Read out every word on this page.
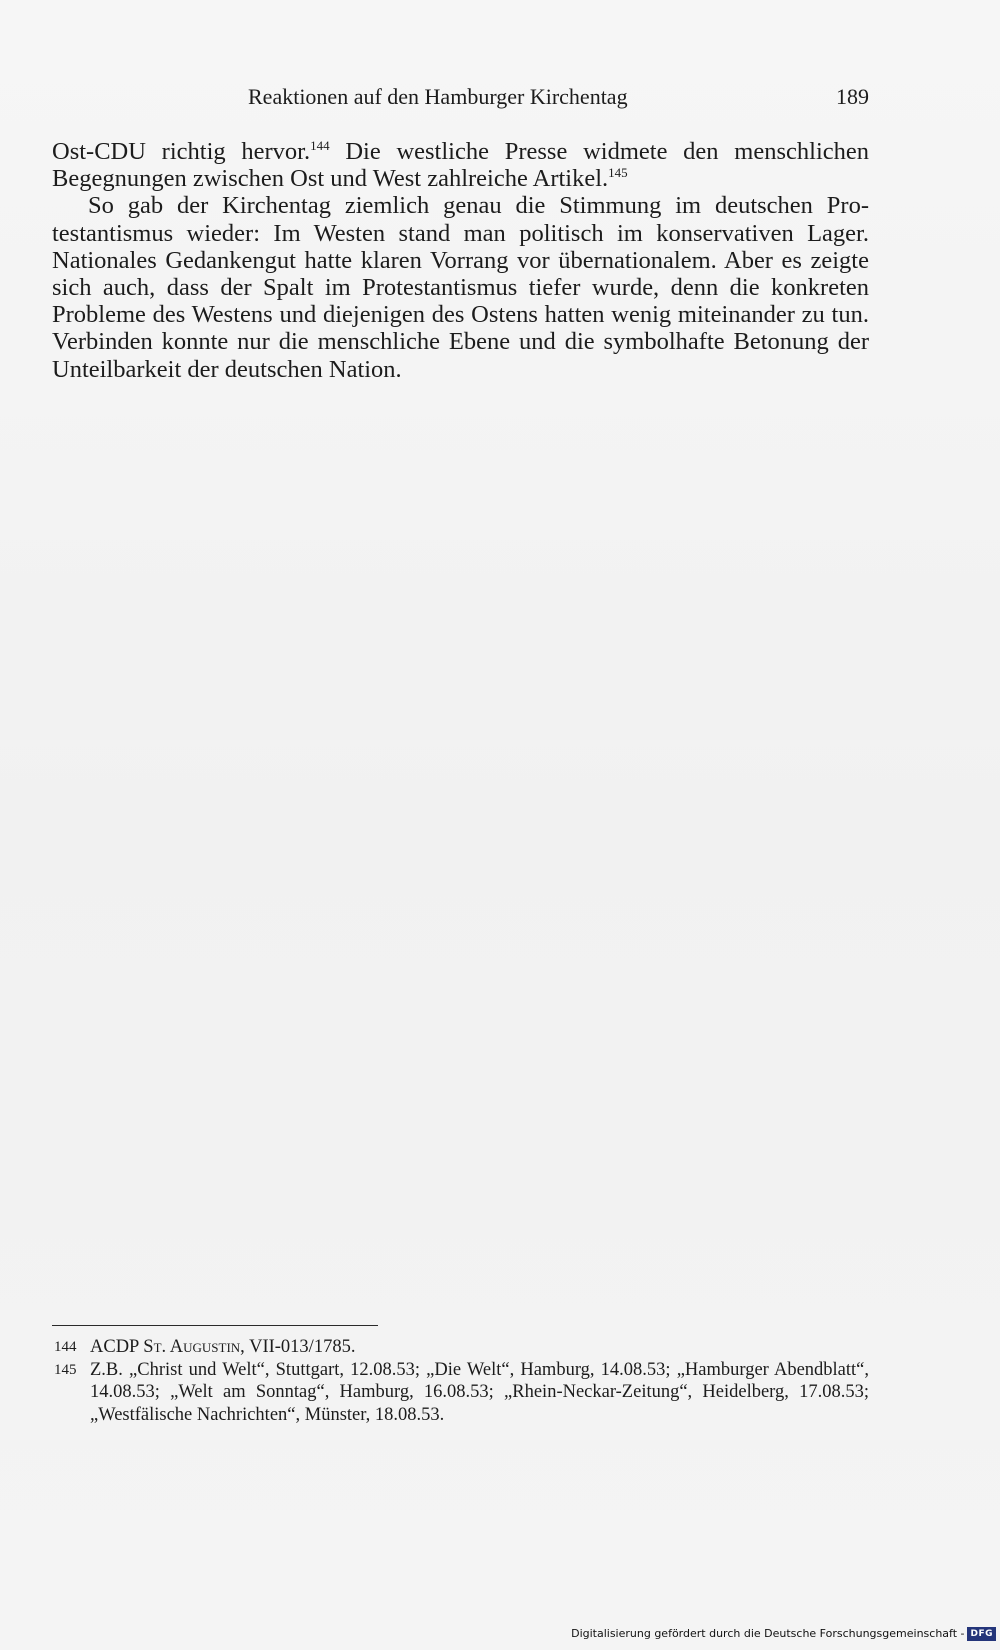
Reaktionen auf den Hamburger Kirchentag	189

Ost-CDU richtig hervor.$^{144}$ Die westliche Presse widmete den menschlichen Begegnungen zwischen Ost und West zahlreiche Artikel.$^{145}$

So gab der Kirchentag ziemlich genau die Stimmung im deutschen Protestantismus wieder: Im Westen stand man politisch im konservativen Lager. Nationales Gedankengut hatte klaren Vorrang vor übernationalem. Aber es zeigte sich auch, dass der Spalt im Protestantismus tiefer wurde, denn die konkreten Probleme des Westens und diejenigen des Ostens hatten wenig miteinander zu tun. Verbinden konnte nur die menschliche Ebene und die symbolhafte Betonung der Unteilbarkeit der deutschen Nation.

144 ACDP St. Augustin, VII-013/1785.
145 Z.B. „Christ und Welt“, Stuttgart, 12.08.53; „Die Welt“, Hamburg, 14.08.53; „Hamburger Abendblatt“, 14.08.53; „Welt am Sonntag“, Hamburg, 16.08.53; „Rhein-Neckar-Zeitung“, Heidelberg, 17.08.53; „Westfälische Nachrichten“, Münster, 18.08.53.
Digitalisierung gefördert durch die Deutsche Forschungsgemeinschaft - DFG
